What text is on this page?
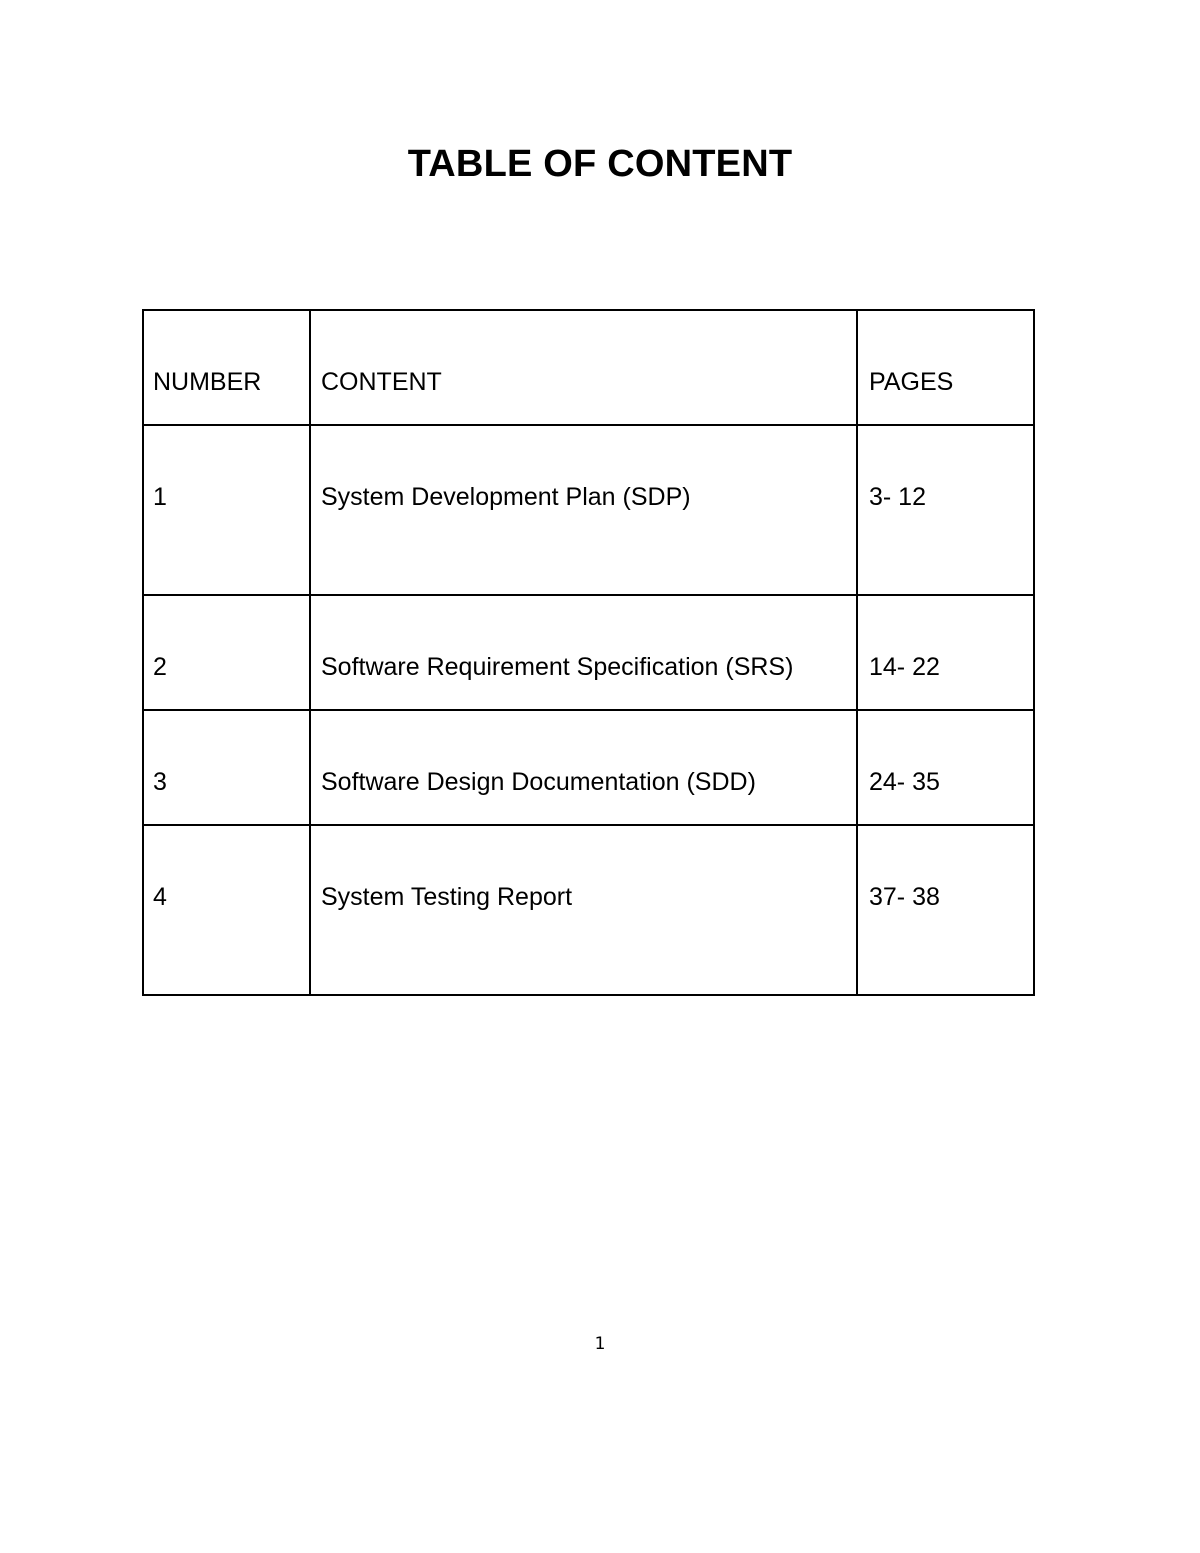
TABLE OF CONTENT
NUMBER	CONTENT	PAGES

1	System Development Plan (SDP)	3- 12

2	Software Requirement Specification (SRS)	14- 22

3	Software Design Documentation (SDD)	24- 35

4	System Testing Report	37- 38
1
